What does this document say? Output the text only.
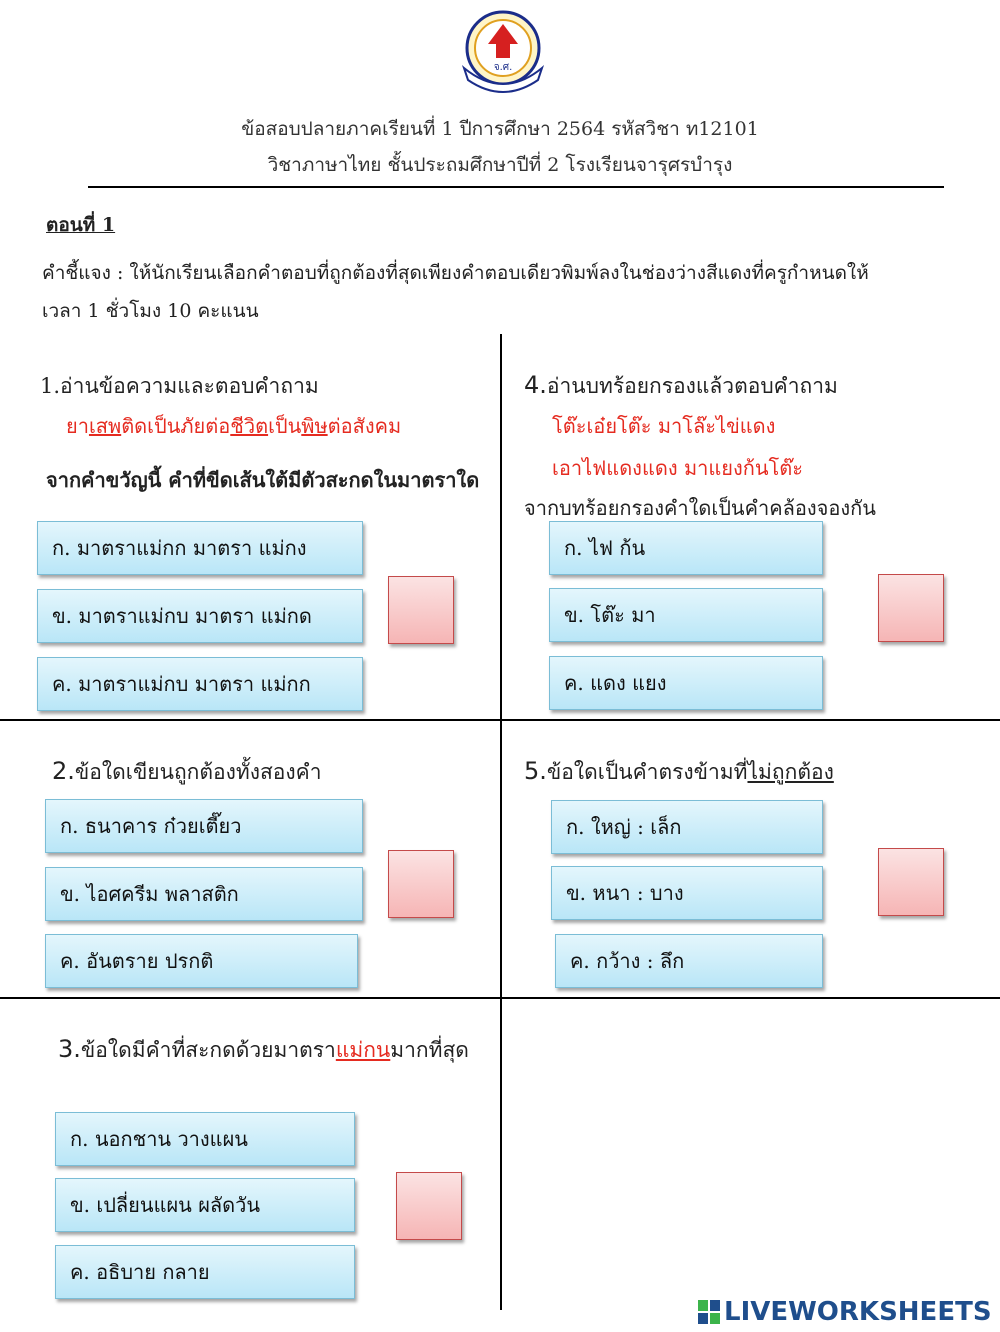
จ.ศ.
ข้อสอบปลายภาคเรียนที่ 1 ปีการศึกษา 2564 รหัสวิชา ท12101
วิชาภาษาไทย ชั้นประถมศึกษาปีที่ 2 โรงเรียนจารุศรบำรุง
ตอนที่ 1
คำชี้แจง : ให้นักเรียนเลือกคำตอบที่ถูกต้องที่สุดเพียงคำตอบเดียวพิมพ์ลงในช่องว่างสีแดงที่ครูกำหนดให้
เวลา 1 ชั่วโมง 10 คะแนน
1.อ่านข้อความและตอบคำถาม
ยาเสพติดเป็นภัยต่อชีวิตเป็นพิษต่อสังคม
จากคำขวัญนี้ คำที่ขีดเส้นใต้มีตัวสะกดในมาตราใด
ก. มาตราแม่กก มาตรา แม่กง
ข. มาตราแม่กบ มาตรา แม่กด
ค. มาตราแม่กบ มาตรา แม่กก
4.อ่านบทร้อยกรองแล้วตอบคำถาม
โต๊ะเอ๋ยโต๊ะ มาโล๊ะไข่แดง
เอาไฟแดงแดง มาแยงก้นโต๊ะ
จากบทร้อยกรองคำใดเป็นคำคล้องจองกัน
ก. ไฟ ก้น
ข. โต๊ะ มา
ค. แดง แยง
2.ข้อใดเขียนถูกต้องทั้งสองคำ
ก. ธนาคาร ก๋วยเตี๊ยว
ข. ไอศครีม พลาสติก
ค. อันตราย ปรกติ
5.ข้อใดเป็นคำตรงข้ามที่ไม่ถูกต้อง
ก. ใหญ่ : เล็ก
ข. หนา : บาง
ค. กว้าง : ลึก
3.ข้อใดมีคำที่สะกดด้วยมาตราแม่กนมากที่สุด
ก. นอกชาน วางแผน
ข. เปลี่ยนแผน ผลัดวัน
ค. อธิบาย กลาย
LIVEWORKSHEETS
